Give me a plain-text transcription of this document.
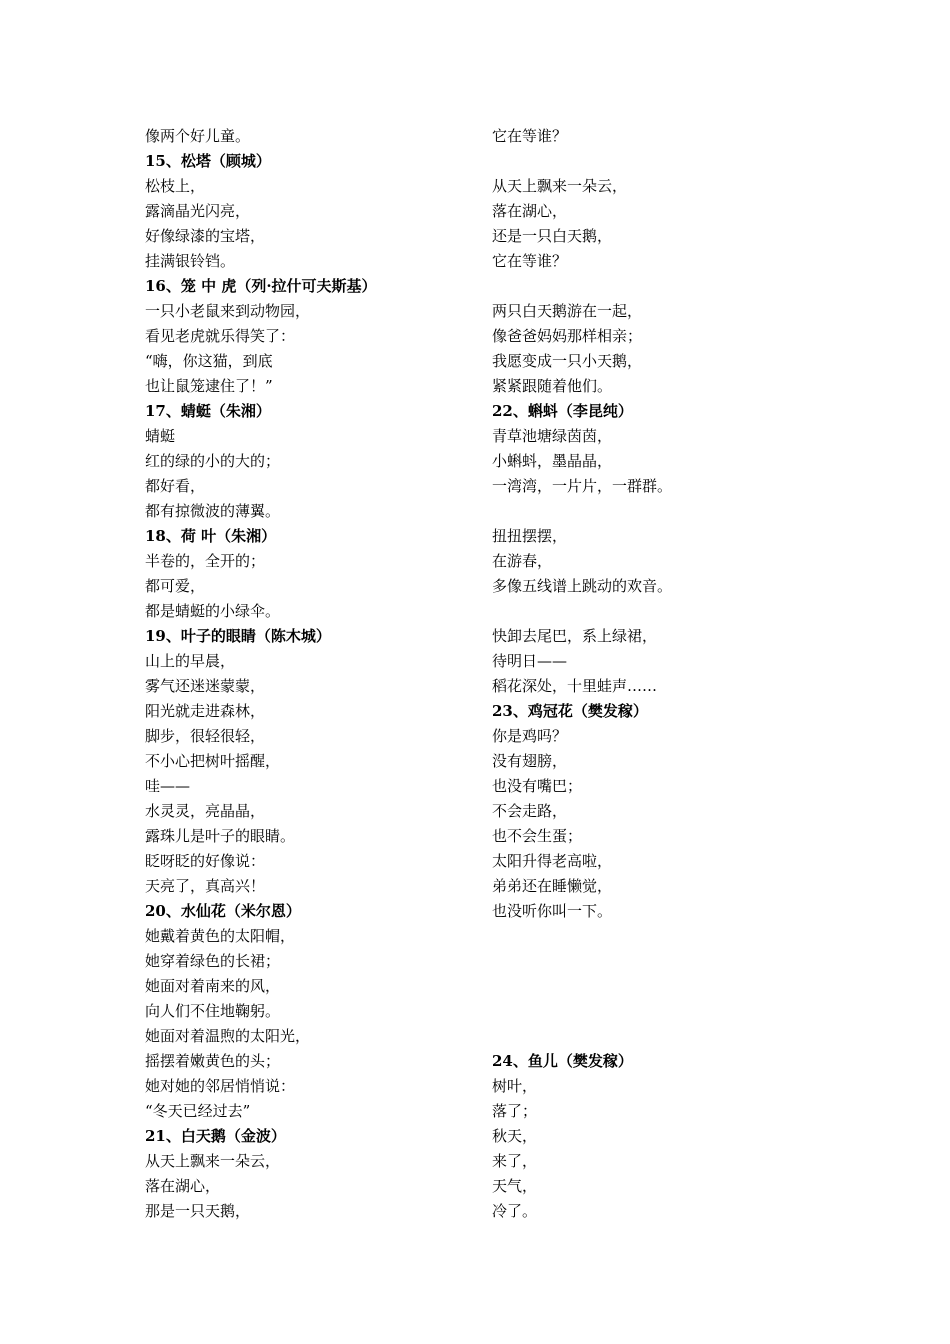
像两个好儿童。
15、松塔（顾城）
松枝上，
露滴晶光闪亮，
好像绿漆的宝塔，
挂满银铃铛。
16、笼 中 虎（列·拉什可夫斯基）
一只小老鼠来到动物园，
看见老虎就乐得笑了：
“嗨，你这猫，到底
也让鼠笼逮住了！”
17、蜻蜓（朱湘）
蜻蜓
红的绿的小的大的；
都好看，
都有掠微波的薄翼。
18、荷 叶（朱湘）
半卷的，全开的；
都可爱，
都是蜻蜓的小绿伞。
19、叶子的眼睛（陈木城）
山上的早晨，
雾气还迷迷蒙蒙，
阳光就走进森林，
脚步，很轻很轻，
不小心把树叶摇醒，
哇——
水灵灵，亮晶晶，
露珠儿是叶子的眼睛。
眨呀眨的好像说：
天亮了，真高兴！
20、水仙花（米尔恩）
她戴着黄色的太阳帽，
她穿着绿色的长裙；
她面对着南来的风，
向人们不住地鞠躬。
她面对着温煦的太阳光，
摇摆着嫩黄色的头；
她对她的邻居悄悄说：
“冬天已经过去”
21、白天鹅（金波）
从天上飘来一朵云，
落在湖心，
那是一只天鹅，
它在等谁？
从天上飘来一朵云，
落在湖心，
还是一只白天鹅，
它在等谁？
两只白天鹅游在一起，
像爸爸妈妈那样相亲；
我愿变成一只小天鹅，
紧紧跟随着他们。
22、蝌蚪（李昆纯）
青草池塘绿茵茵，
小蝌蚪，墨晶晶，
一湾湾，一片片，一群群。
扭扭摆摆，
在游春，
多像五线谱上跳动的欢音。
快卸去尾巴，系上绿裙，
待明日——
稻花深处，十里蛙声……
23、鸡冠花（樊发稼）
你是鸡吗？
没有翅膀，
也没有嘴巴；
不会走路，
也不会生蛋；
太阳升得老高啦，
弟弟还在睡懒觉，
也没听你叫一下。
24、鱼儿（樊发稼）
树叶，
落了；
秋天，
来了，
天气，
冷了。
